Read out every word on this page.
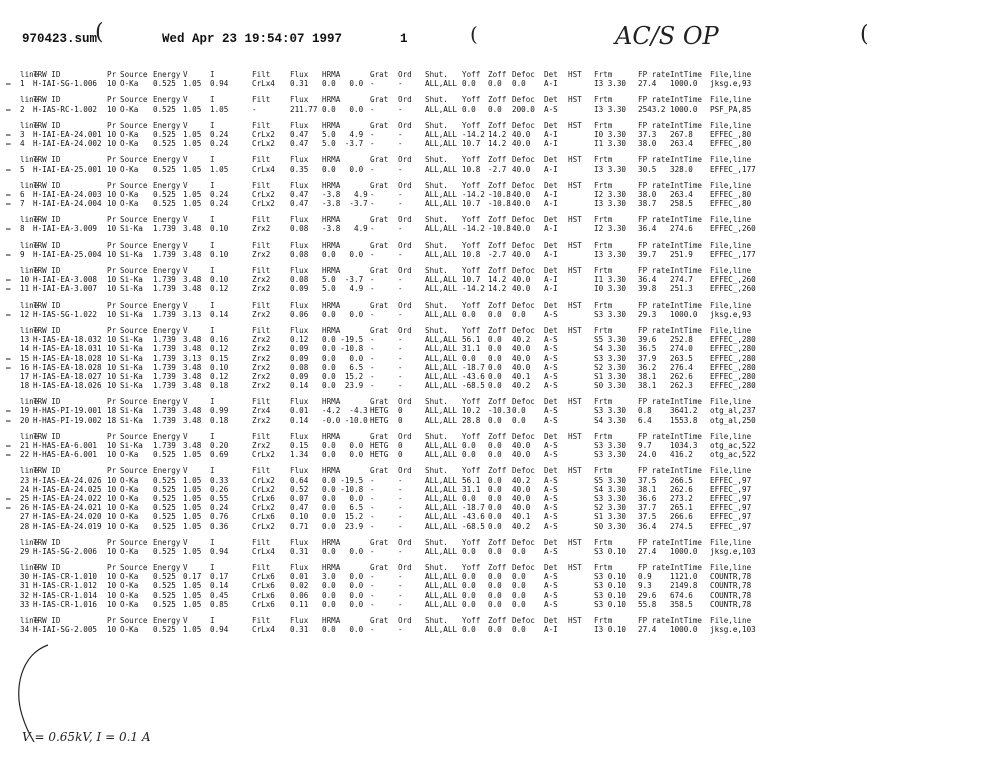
970423.sum	Wed Apr 23 19:54:07 1997	1	AC/S OP
(	(
(
line
TRW ID	Pr Source Energy V	I	Filt	Flux HRMA	Grat Ord Shut. Yoff Zoff Defoc Det HST Frtm	FP rate IntTime File,line
1 H-IAI-SG-1.006 10 O-Ka 0.525 1.05 0.94	CrLx4 0.31 0.0   0.0 -	-	ALL,ALL 0.0 0.0 0.0 A-I	I3 3.30 27.4 1000.0 jksg.e,93
—
line
TRW ID	Pr Source Energy V	I	Filt	Flux HRMA	Grat Ord Shut. Yoff Zoff Defoc Det HST Frtm	FP rate IntTime File,line
2 H-IAS-RC-1.002 10 O-Ka 0.525 1.05 1.05	-	211.77 0.0   0.0 -	-	ALL,ALL 0.0 0.0 200.0 A-S	I3 3.30 2543.2 1000.0 PSF_PA,85
—
line
TRW ID	Pr Source Energy V	I	Filt	Flux HRMA	Grat Ord Shut. Yoff Zoff Defoc Det HST Frtm	FP rate IntTime File,line
3 H-IAI-EA-24.001 10 O-Ka 0.525 1.05 0.24	CrLx2 0.47 5.0   4.9 -	-	ALL,ALL -14.2 14.2 40.0 A-I	I0 3.30 37.3 267.8 EFFEC_,80
—
4 H-IAI-EA-24.002 10 O-Ka 0.525 1.05 0.24	CrLx2 0.47 5.0  -3.7 -	-	ALL,ALL 10.7 14.2 40.0 A-I	I1 3.30 38.0 263.4 EFFEC_,80
—
line
TRW ID	Pr Source Energy V	I	Filt	Flux HRMA	Grat Ord Shut. Yoff Zoff Defoc Det HST Frtm	FP rate IntTime File,line
5 H-IAI-EA-25.001 10 O-Ka 0.525 1.05 1.05	CrLx4 0.35 0.0   0.0 -	-	ALL,ALL 10.8 -2.7 40.0 A-I	I3 3.30 30.5 328.0 EFFEC_,177
—
line
TRW ID	Pr Source Energy V	I	Filt	Flux HRMA	Grat Ord Shut. Yoff Zoff Defoc Det HST Frtm	FP rate IntTime File,line
6 H-IAI-EA-24.003 10 O-Ka 0.525 1.05 0.24	CrLx2 0.47 -3.8   4.9 -	-	ALL,ALL -14.2 -10.8 40.0 A-I	I2 3.30 38.0 263.4 EFFEC_,80
—
7 H-IAI-EA-24.004 10 O-Ka 0.525 1.05 0.24	CrLx2 0.47 -3.8  -3.7 -	-	ALL,ALL 10.7 -10.8 40.0 A-I	I3 3.30 38.7 258.5 EFFEC_,80
—
line
TRW ID	Pr Source Energy V	I	Filt	Flux HRMA	Grat Ord Shut. Yoff Zoff Defoc Det HST Frtm	FP rate IntTime File,line
8 H-IAI-EA-3.009 10 Si-Ka 1.739 3.48 0.10	Zrx2	0.08 -3.8   4.9 -	-	ALL,ALL -14.2 -10.8 40.0 A-I	I2 3.30 36.4 274.6 EFFEC_,260
—
line
TRW ID	Pr Source Energy V	I	Filt	Flux HRMA	Grat Ord Shut. Yoff Zoff Defoc Det HST Frtm	FP rate IntTime File,line
9 H-IAI-EA-25.004 10 Si-Ka 1.739 3.48 0.10	Zrx2	0.08 0.0   0.0 -	-	ALL,ALL 10.8 -2.7 40.0 A-I	I3 3.30 39.7 251.9 EFFEC_,177
—
line
TRW ID	Pr Source Energy V	I	Filt	Flux HRMA	Grat Ord Shut. Yoff Zoff Defoc Det HST Frtm	FP rate IntTime File,line
10 H-IAI-EA-3.008 10 Si-Ka 1.739 3.48 0.10	Zrx2	0.08 5.0  -3.7 -	-	ALL,ALL 10.7 14.2 40.0 A-I	I1 3.30 36.4 274.7 EFFEC_,260
—
11 H-IAI-EA-3.007 10 Si-Ka 1.739 3.48 0.12	Zrx2	0.09 5.0   4.9 -	-	ALL,ALL -14.2 14.2 40.0 A-I	I0 3.30 39.8 251.3 EFFEC_,260
—
line
TRW ID	Pr Source Energy V	I	Filt	Flux HRMA	Grat Ord Shut. Yoff Zoff Defoc Det HST Frtm	FP rate IntTime File,line
12 H-IAS-SG-1.022 10 Si-Ka 1.739 3.13 0.14	Zrx2	0.06 0.0   0.0 -	-	ALL,ALL 0.0 0.0 0.0 A-S	S3 3.30 29.3 1000.0 jksg.e,93
—
line
TRW ID	Pr Source Energy V	I	Filt	Flux HRMA	Grat Ord Shut. Yoff Zoff Defoc Det HST Frtm	FP rate IntTime File,line
13 H-IAS-EA-18.032 10 Si-Ka 1.739 3.48 0.16	Zrx2	0.12 0.0 -19.5 -	-	ALL,ALL 56.1 0.0 40.2 A-S	S5 3.30 39.6 252.8 EFFEC_,280
14 H-IAS-EA-18.031 10 Si-Ka 1.739 3.48 0.12	Zrx2	0.09 0.0 -10.8 -	-	ALL,ALL 31.1 0.0 40.0 A-S	S4 3.30 36.5 274.0 EFFEC_,280
15 H-IAS-EA-18.028 10 Si-Ka 1.739 3.13 0.15	Zrx2	0.09 0.0   0.0 -	-	ALL,ALL 0.0 0.0 40.0 A-S	S3 3.30 37.9 263.5 EFFEC_,280
—
16 H-IAS-EA-18.028 10 Si-Ka 1.739 3.48 0.10	Zrx2	0.08 0.0   6.5 -	-	ALL,ALL -18.7 0.0 40.0 A-S	S2 3.30 36.2 276.4 EFFEC_,280
—
17 H-IAS-EA-18.027 10 Si-Ka 1.739 3.48 0.12	Zrx2	0.09 0.0  15.2 -	-	ALL,ALL -43.6 0.0 40.1 A-S	S1 3.30 38.1 262.6 EFFEC_,280
18 H-IAS-EA-18.026 10 Si-Ka 1.739 3.48 0.18	Zrx2	0.14 0.0  23.9 -	-	ALL,ALL -68.5 0.0 40.2 A-S	S0 3.30 38.1 262.3 EFFEC_,280
line
TRW ID	Pr Source Energy V	I	Filt	Flux HRMA	Grat Ord Shut. Yoff Zoff Defoc Det HST Frtm	FP rate IntTime File,line
19 H-HAS-PI-19.001 18 Si-Ka 1.739 3.48 0.99	Zrx4	0.01 -4.2  -4.3 HETG 0	ALL,ALL 10.2 -10.3 0.0 A-S	S3 3.30 0.8 3641.2 otg_al,237
—
20 H-HAS-PI-19.002 18 Si-Ka 1.739 3.48 0.18	Zrx2	0.14 -0.0 -10.0 HETG 0	ALL,ALL 28.8 0.0 0.0 A-S	S4 3.30 6.4 1553.8 otg_al,250
—
line
TRW ID	Pr Source Energy V	I	Filt	Flux HRMA	Grat Ord Shut. Yoff Zoff Defoc Det HST Frtm	FP rate IntTime File,line
21 H-HAS-EA-6.001 10 Si-Ka 1.739 3.48 0.20	Zrx2	0.15 0.0   0.0 HETG 0	ALL,ALL 0.0 0.0 40.0 A-S	S3 3.30 9.7 1034.3 otg_ac,522
—
22 H-HAS-EA-6.001 10 O-Ka 0.525 1.05 0.69	CrLx2 1.34 0.0   0.0 HETG 0	ALL,ALL 0.0 0.0 40.0 A-S	S3 3.30 24.0 416.2 otg_ac,522
—
line
TRW ID	Pr Source Energy V	I	Filt	Flux HRMA	Grat Ord Shut. Yoff Zoff Defoc Det HST Frtm	FP rate IntTime File,line
23 H-IAS-EA-24.026 10 O-Ka 0.525 1.05 0.33	CrLx2 0.64 0.0 -19.5 -	-	ALL,ALL 56.1 0.0 40.2 A-S	S5 3.30 37.5 266.5 EFFEC_,97
24 H-IAS-EA-24.025 10 O-Ka 0.525 1.05 0.26	CrLx2 0.52 0.0 -10.8 -	-	ALL,ALL 31.1 0.0 40.0 A-S	S4 3.30 38.1 262.6 EFFEC_,97
25 H-IAS-EA-24.022 10 O-Ka 0.525 1.05 0.55	CrLx6 0.07 0.0   0.0 -	-	ALL,ALL 0.0 0.0 40.0 A-S	S3 3.30 36.6 273.2 EFFEC_,97
—
26 H-IAS-EA-24.021 10 O-Ka 0.525 1.05 0.24	CrLx2 0.47 0.0   6.5 -	-	ALL,ALL -18.7 0.0 40.0 A-S	S2 3.30 37.7 265.1 EFFEC_,97
—
27 H-IAS-EA-24.020 10 O-Ka 0.525 1.05 0.76	CrLx6 0.10 0.0  15.2 -	-	ALL,ALL -43.6 0.0 40.1 A-S	S1 3.30 37.5 266.6 EFFEC_,97
28 H-IAS-EA-24.019 10 O-Ka 0.525 1.05 0.36	CrLx2 0.71 0.0  23.9 -	-	ALL,ALL -68.5 0.0 40.2 A-S	S0 3.30 36.4 274.5 EFFEC_,97
line
TRW ID	Pr Source Energy V	I	Filt	Flux HRMA	Grat Ord Shut. Yoff Zoff Defoc Det HST Frtm	FP rate IntTime File,line
29 H-IAS-SG-2.006 10 O-Ka 0.525 1.05 0.94	CrLx4 0.31 0.0   0.0 -	-	ALL,ALL 0.0 0.0 0.0 A-S	S3 0.10 27.4 1000.0 jksg.e,103
line
TRW ID	Pr Source Energy V	I	Filt	Flux HRMA	Grat Ord Shut. Yoff Zoff Defoc Det HST Frtm	FP rate IntTime File,line
30 H-IAS-CR-1.010 10 O-Ka 0.525 0.17 0.17	CrLx6 0.01 3.0   0.0 -	-	ALL,ALL 0.0 0.0 0.0 A-S	S3 0.10 0.9 1121.0 COUNTR,78
31 H-IAS-CR-1.012 10 O-Ka 0.525 1.05 0.14	CrLx6 0.02 0.0   0.0 -	-	ALL,ALL 0.0 0.0 0.0 A-S	S3 0.10 9.3 2149.8 COUNTR,78
32 H-IAS-CR-1.014 10 O-Ka 0.525 1.05 0.45	CrLx6 0.06 0.0   0.0 -	-	ALL,ALL 0.0 0.0 0.0 A-S	S3 0.10 29.6 674.6 COUNTR,78
33 H-IAS-CR-1.016 10 O-Ka 0.525 1.05 0.85	CrLx6 0.11 0.0   0.0 -	-	ALL,ALL 0.0 0.0 0.0 A-S	S3 0.10 55.8 358.5 COUNTR,78
line
TRW ID	Pr Source Energy V	I	Filt	Flux HRMA	Grat Ord Shut. Yoff Zoff Defoc Det HST Frtm	FP rate IntTime File,line
34 H-IAI-SG-2.005 10 O-Ka 0.525 1.05 0.94	CrLx4 0.31 0.0   0.0 -	-	ALL,ALL 0.0 0.0 0.0 A-I	I3 0.10 27.4 1000.0 jksg.e,103
V = 0.65kV, I = 0.1 A
